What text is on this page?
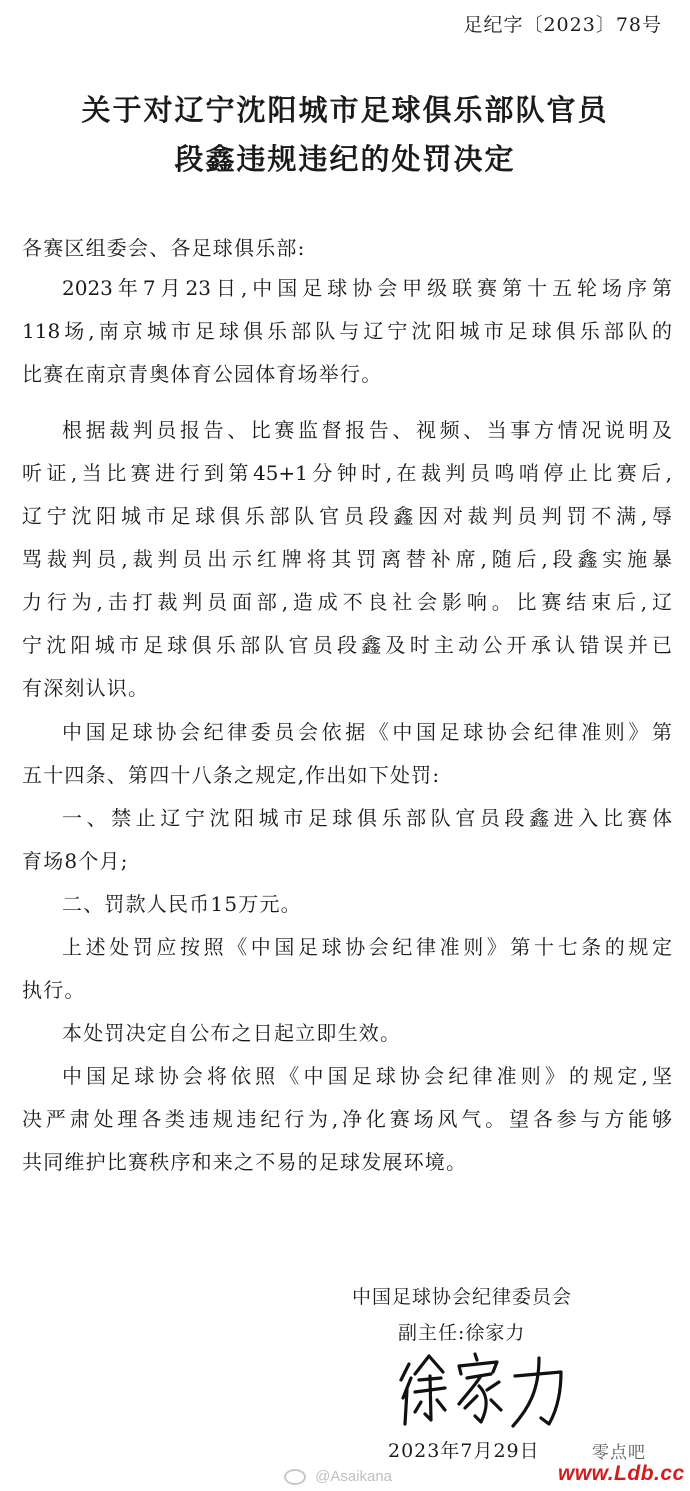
足纪字〔2023〕78号
关于对辽宁沈阳城市足球俱乐部队官员
段鑫违规违纪的处罚决定
各赛区组委会、各足球俱乐部:
2023年7月23日,中国足球协会甲级联赛第十五轮场序第
118场,南京城市足球俱乐部队与辽宁沈阳城市足球俱乐部队的
比赛在南京青奥体育公园体育场举行。
根据裁判员报告、比赛监督报告、视频、当事方情况说明及
听证,当比赛进行到第45+1分钟时,在裁判员鸣哨停止比赛后,
辽宁沈阳城市足球俱乐部队官员段鑫因对裁判员判罚不满,辱
骂裁判员,裁判员出示红牌将其罚离替补席,随后,段鑫实施暴
力行为,击打裁判员面部,造成不良社会影响。比赛结束后,辽
宁沈阳城市足球俱乐部队官员段鑫及时主动公开承认错误并已
有深刻认识。
中国足球协会纪律委员会依据《中国足球协会纪律准则》第
五十四条、第四十八条之规定,作出如下处罚:
一、禁止辽宁沈阳城市足球俱乐部队官员段鑫进入比赛体
育场8个月;
二、罚款人民币15万元。
上述处罚应按照《中国足球协会纪律准则》第十七条的规定
执行。
本处罚决定自公布之日起立即生效。
中国足球协会将依照《中国足球协会纪律准则》的规定,坚
决严肃处理各类违规违纪行为,净化赛场风气。望各参与方能够
共同维护比赛秩序和来之不易的足球发展环境。
中国足球协会纪律委员会
副主任:徐家力
2023年7月29日	零点吧
@Asaikana	www.Ldb.cc
